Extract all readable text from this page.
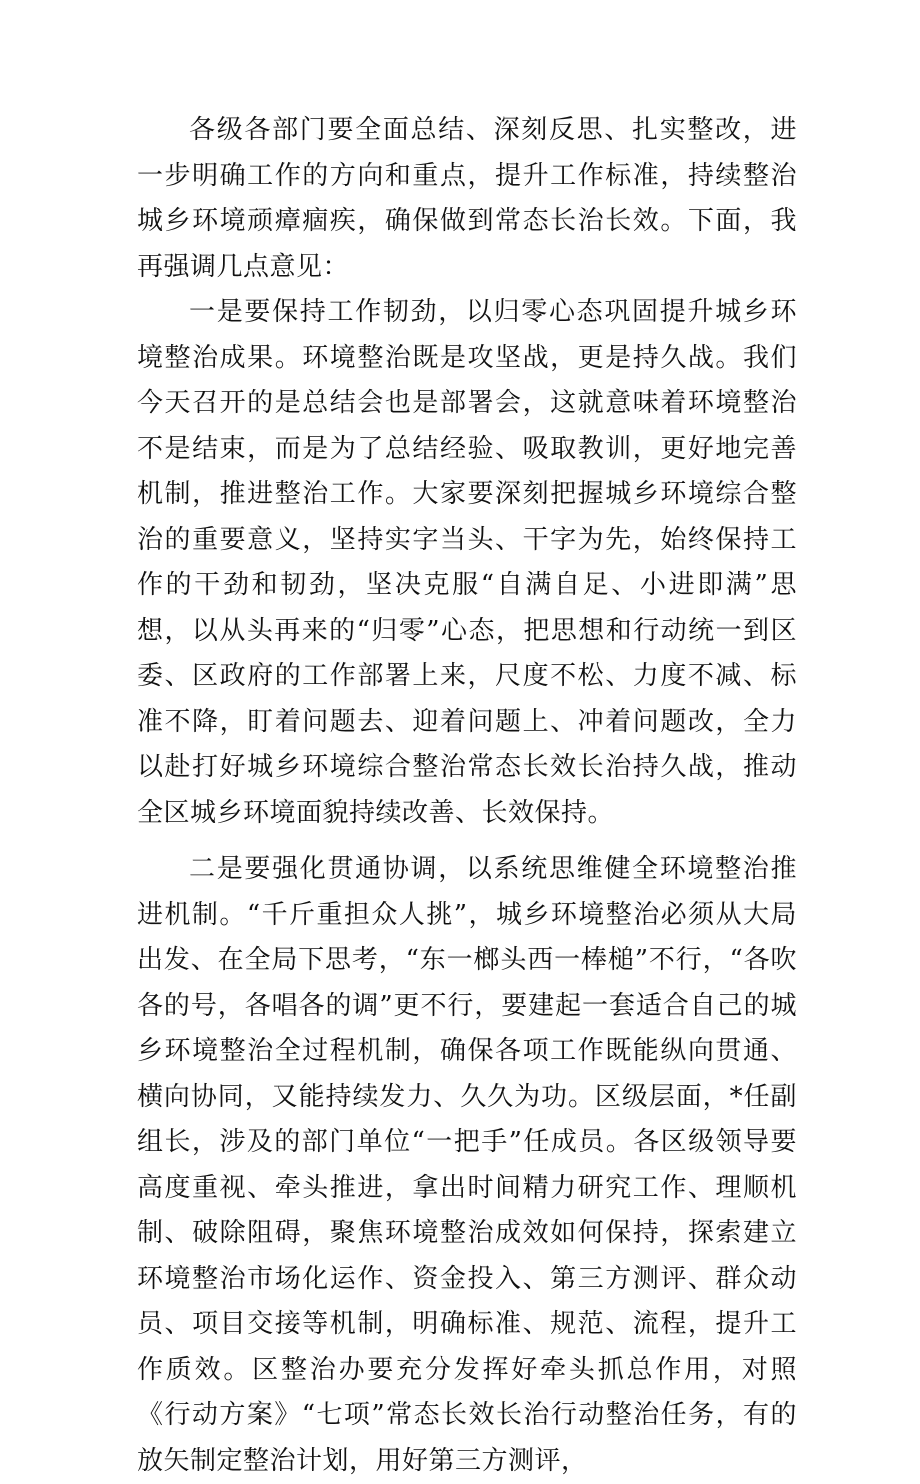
各级各部门要全面总结、深刻反思、扎实整改，进一步明确工作的方向和重点，提升工作标准，持续整治城乡环境顽瘴痼疾，确保做到常态长治长效。下面，我再强调几点意见：

一是要保持工作韧劲，以归零心态巩固提升城乡环境整治成果。环境整治既是攻坚战，更是持久战。我们今天召开的是总结会也是部署会，这就意味着环境整治不是结束，而是为了总结经验、吸取教训，更好地完善机制，推进整治工作。大家要深刻把握城乡环境综合整治的重要意义，坚持实字当头、干字为先，始终保持工作的干劲和韧劲，坚决克服“自满自足、小进即满”思想，以从头再来的“归零”心态，把思想和行动统一到区委、区政府的工作部署上来，尺度不松、力度不减、标准不降，盯着问题去、迎着问题上、冲着问题改，全力以赴打好城乡环境综合整治常态长效长治持久战，推动全区城乡环境面貌持续改善、长效保持。

二是要强化贯通协调，以系统思维健全环境整治推进机制。“千斤重担众人挑”，城乡环境整治必须从大局出发、在全局下思考，“东一榔头西一棒槌”不行，“各吹各的号，各唱各的调”更不行，要建起一套适合自己的城乡环境整治全过程机制，确保各项工作既能纵向贯通、横向协同，又能持续发力、久久为功。区级层面，*任副组长，涉及的部门单位“一把手”任成员。各区级领导要高度重视、牵头推进，拿出时间精力研究工作、理顺机制、破除阻碍，聚焦环境整治成效如何保持，探索建立环境整治市场化运作、资金投入、第三方测评、群众动员、项目交接等机制，明确标准、规范、流程，提升工作质效。区整治办要充分发挥好牵头抓总作用，对照《行动方案》“七项”常态长效长治行动整治任务，有的放矢制定整治计划，用好第三方测评，
